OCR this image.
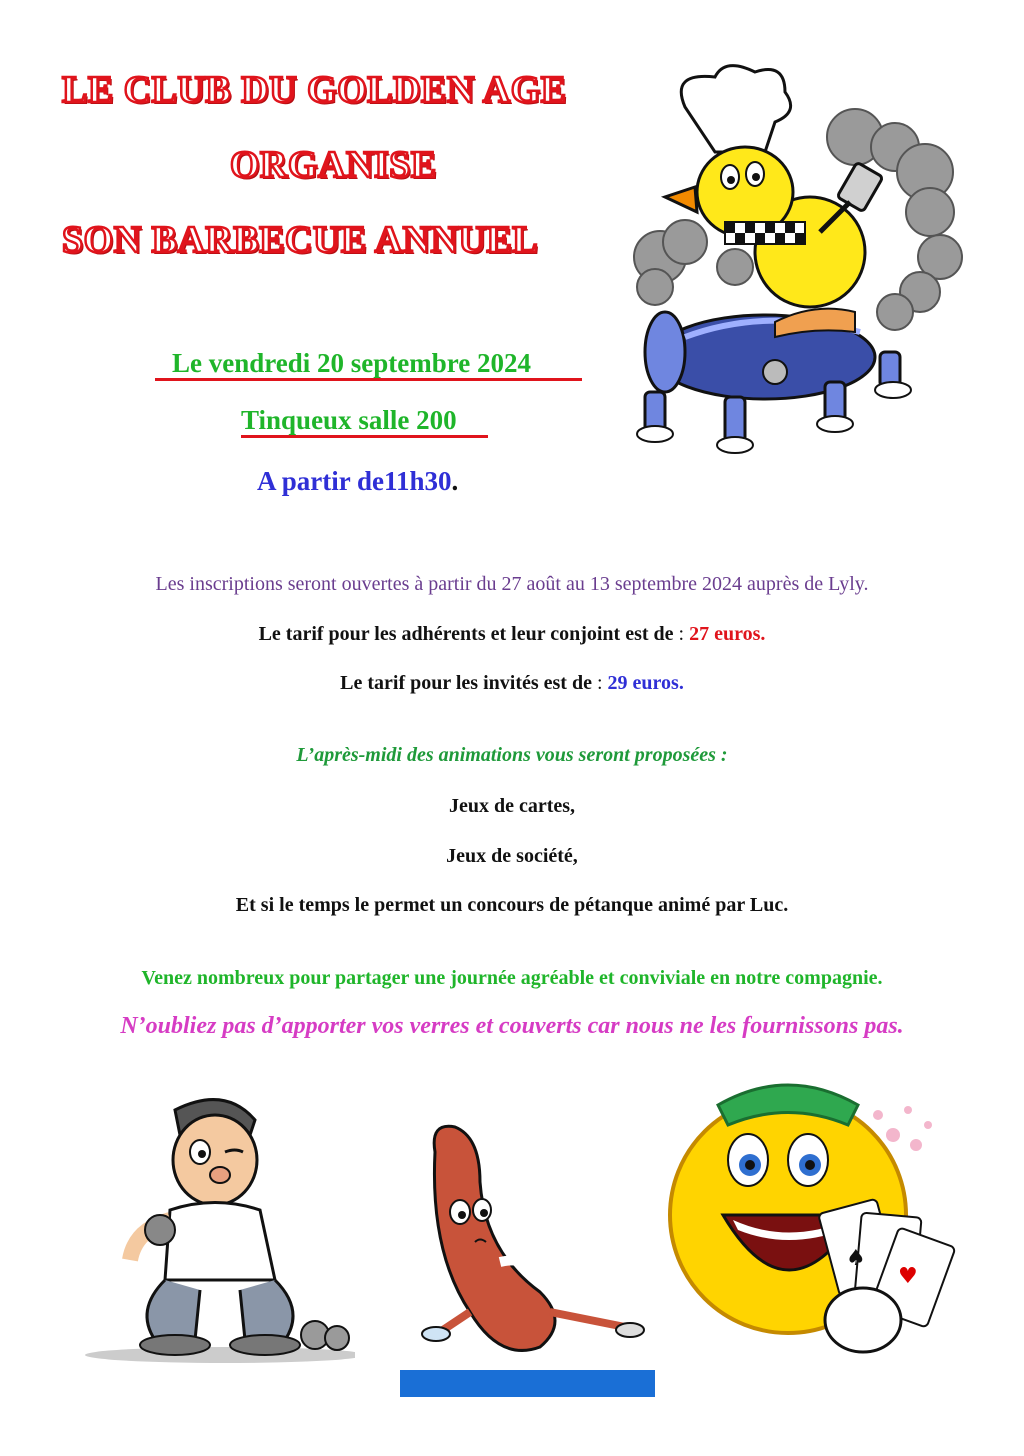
LE CLUB DU GOLDEN AGE
ORGANISE
SON BARBECUE ANNUEL
Le vendredi 20 septembre 2024
Tinqueux salle 200
A partir de11h30.
Les inscriptions seront ouvertes à partir du 27 août au 13 septembre 2024 auprès de Lyly.
Le tarif pour les adhérents et leur conjoint est de : 27 euros.
Le tarif pour les invités est de : 29 euros.
L’après-midi des animations vous seront proposées :
Jeux de cartes,
Jeux de société,
Et si le temps le permet un concours de pétanque animé par Luc.
Venez nombreux pour partager une journée agréable et conviviale en notre compagnie.
N’oubliez pas d’apporter vos verres et couverts car nous ne les fournissons pas.
♠
♥
